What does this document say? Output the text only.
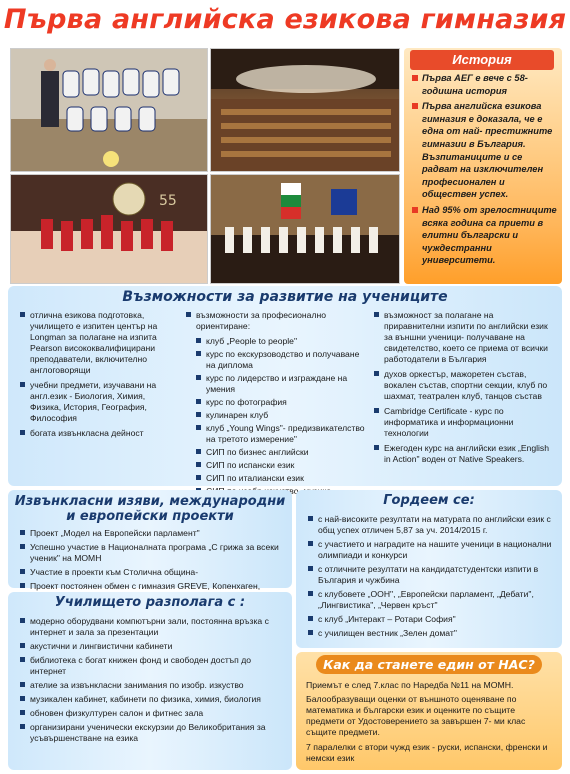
Първа английска езикова гимназия
55
История
Първа АЕГ е вече с 58-годишна история
Първа английска езикова гимназия е доказала, че е една от най- престижните гимназии в България. Възпитаниците и се радват на изключителен професионален и обществен успех.
Над 95% от зрелостниците всяка година са приети в елитни български и чуждестранни университети.
Възможности за развитие на учениците
отлична езикова подготовка, училището е изпитен център на Longman за полагане на изпита Pearson висококвалифицирани преподаватели, включително англоговорящи
учебни предмети, изучавани на англ.език - Биология, Химия, Физика, История, География, Философия
богата извънкласна дейност
възможности за професионално ориентиране:
клуб „People to people"
курс по екскурзоводство и получаване на диплома
курс по лидерство и изграждане на умения
курс по фотография
кулинарен клуб
клуб „Young Wings"- предизвикателство на тpетото измерение"
СИП по бизнес английски
СИП по испански език
СИП по италиански език
възможност за полагане на приравнителни изпити по английски език за външни ученици- получаване на свидетелство, което се приема от всички работодатели в България
духов оркестър, мажоретен състав, вокален състав, спортни секции, клуб по шахмат, театрален клуб, танцов състав
Cambridge Certificate - курс по информатика и информационни технологии
Ежегоден курс на английски език „English in Action" воден от Native Speakers.
Извънкласни изяви, международни и европейски проекти
Проект „Модел на Европейски парламент"
Успешно участие в Националната програма „С грижа за всеки ученик" на МОМН
Участие в проекти към Столична община-
Проект постоянен обмен с гимназия GREVE, Копенхаген,
Училището разполага с :
модерно оборудвани компютърни зали, постоянна връзка с интернет и зала за презентации
акустични и лингвистични кабинети
библиотека с богат книжен фонд и свободен достъп до интернет
ателие за извънкласни занимания по изобр. изкуство
музикален кабинет, кабинети по физика, химия, биология
обновен физкултурен салон и фитнес зала
организирани ученически екскурзии до Великобритания за усъвършенстване на езика
Гордеем се:
с най-високите резултати на матурата по английски език с общ успех отличен 5,87 за уч. 2014/2015 г.
с участието и наградите на нашите ученици в национални олимпиади и конкурси
с отличните резултати на кандидатстудентски изпити в България и чужбина
с клубовете „ООН", „Европейски парламент, „Дебати", „Лингвистика", „Червен кръст"
с клуб „Интеракт – Ротари София"
с училищен вестник „Зелен домат"
Как да станете един от НАС?

Приемът е след 7.клас по Наредба №11 на МОМН.

Балообразуващи оценки от външното оценяване по математика и български език и оценките по същите предмети от Удостоверението за завършен 7- ми клас същите предмети.

7 паралелки с втори чужд език - руски, испански, френски и немски език
